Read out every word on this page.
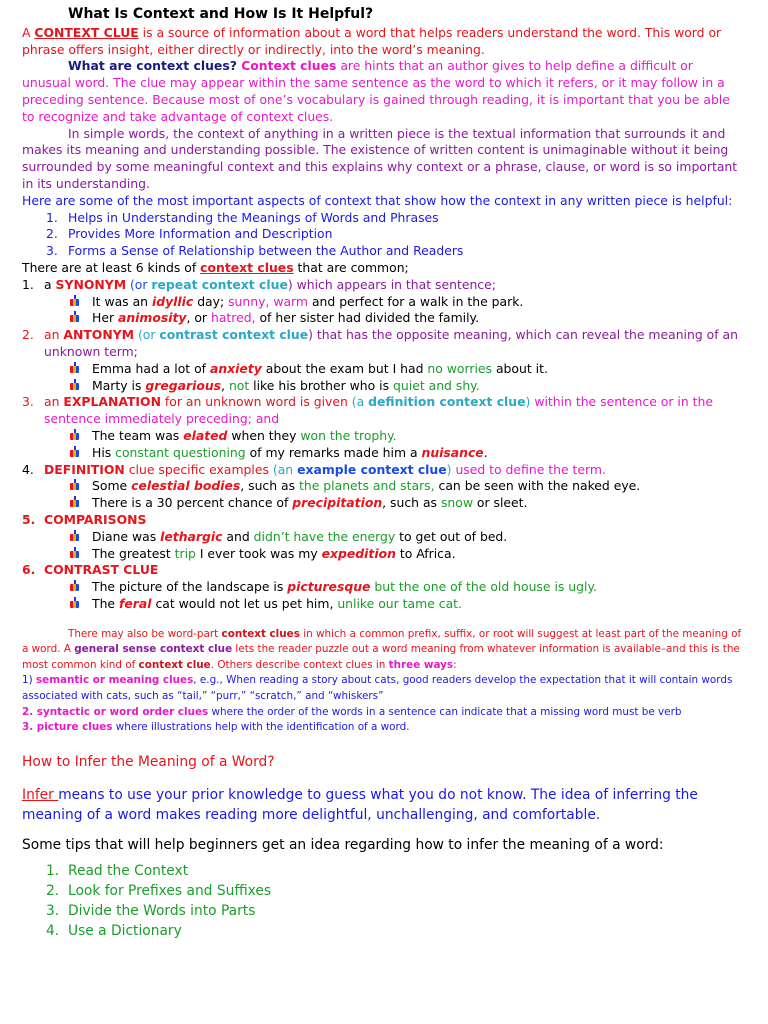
What Is Context and How Is It Helpful?

A CONTEXT CLUE is a source of information about a word that helps readers understand the word. This word or phrase offers insight, either directly or indirectly, into the word’s meaning.

What are context clues? Context clues are hints that an author gives to help define a difficult or unusual word. The clue may appear within the same sentence as the word to which it refers, or it may follow in a preceding sentence. Because most of one’s vocabulary is gained through reading, it is important that you be able to recognize and take advantage of context clues.

In simple words, the context of anything in a written piece is the textual information that surrounds it and makes its meaning and understanding possible. The existence of written content is unimaginable without it being surrounded by some meaningful context and this explains why context or a phrase, clause, or word is so important in its understanding.

Here are some of the most important aspects of context that show how the context in any written piece is helpful:

1. Helps in Understanding the Meanings of Words and Phrases
2. Provides More Information and Description
3. Forms a Sense of Relationship between the Author and Readers

There are at least 6 kinds of context clues that are common;

1. a SYNONYM (or repeat context clue) which appears in that sentence;
It was an idyllic day; sunny, warm and perfect for a walk in the park.
Her animosity, or hatred, of her sister had divided the family.
2. an ANTONYM (or contrast context clue) that has the opposite meaning, which can reveal the meaning of an unknown term;
Emma had a lot of anxiety about the exam but I had no worries about it.
Marty is gregarious, not like his brother who is quiet and shy.
3. an EXPLANATION for an unknown word is given (a definition context clue) within the sentence or in the sentence immediately preceding; and
The team was elated when they won the trophy.
His constant questioning of my remarks made him a nuisance.
4. DEFINITION clue specific examples (an example context clue) used to define the term.
Some celestial bodies, such as the planets and stars, can be seen with the naked eye.
There is a 30 percent chance of precipitation, such as snow or sleet.
5. COMPARISONS
Diane was lethargic and didn’t have the energy to get out of bed.
The greatest trip I ever took was my expedition to Africa.
6. CONTRAST CLUE
The picture of the landscape is picturesque but the one of the old house is ugly.
The feral cat would not let us pet him, unlike our tame cat.

There may also be word-part context clues in which a common prefix, suffix, or root will suggest at least part of the meaning of a word. A general sense context clue lets the reader puzzle out a word meaning from whatever information is available–and this is the most common kind of context clue. Others describe context clues in three ways:

1) semantic or meaning clues, e.g., When reading a story about cats, good readers develop the expectation that it will contain words associated with cats, such as “tail,” “purr,” “scratch,” and “whiskers”

2. syntactic or word order clues where the order of the words in a sentence can indicate that a missing word must be verb

3. picture clues where illustrations help with the identification of a word.

How to Infer the Meaning of a Word?

Infer means to use your prior knowledge to guess what you do not know. The idea of inferring the meaning of a word makes reading more delightful, unchallenging, and comfortable.

Some tips that will help beginners get an idea regarding how to infer the meaning of a word:

1. Read the Context
2. Look for Prefixes and Suffixes
3. Divide the Words into Parts
4. Use a Dictionary
